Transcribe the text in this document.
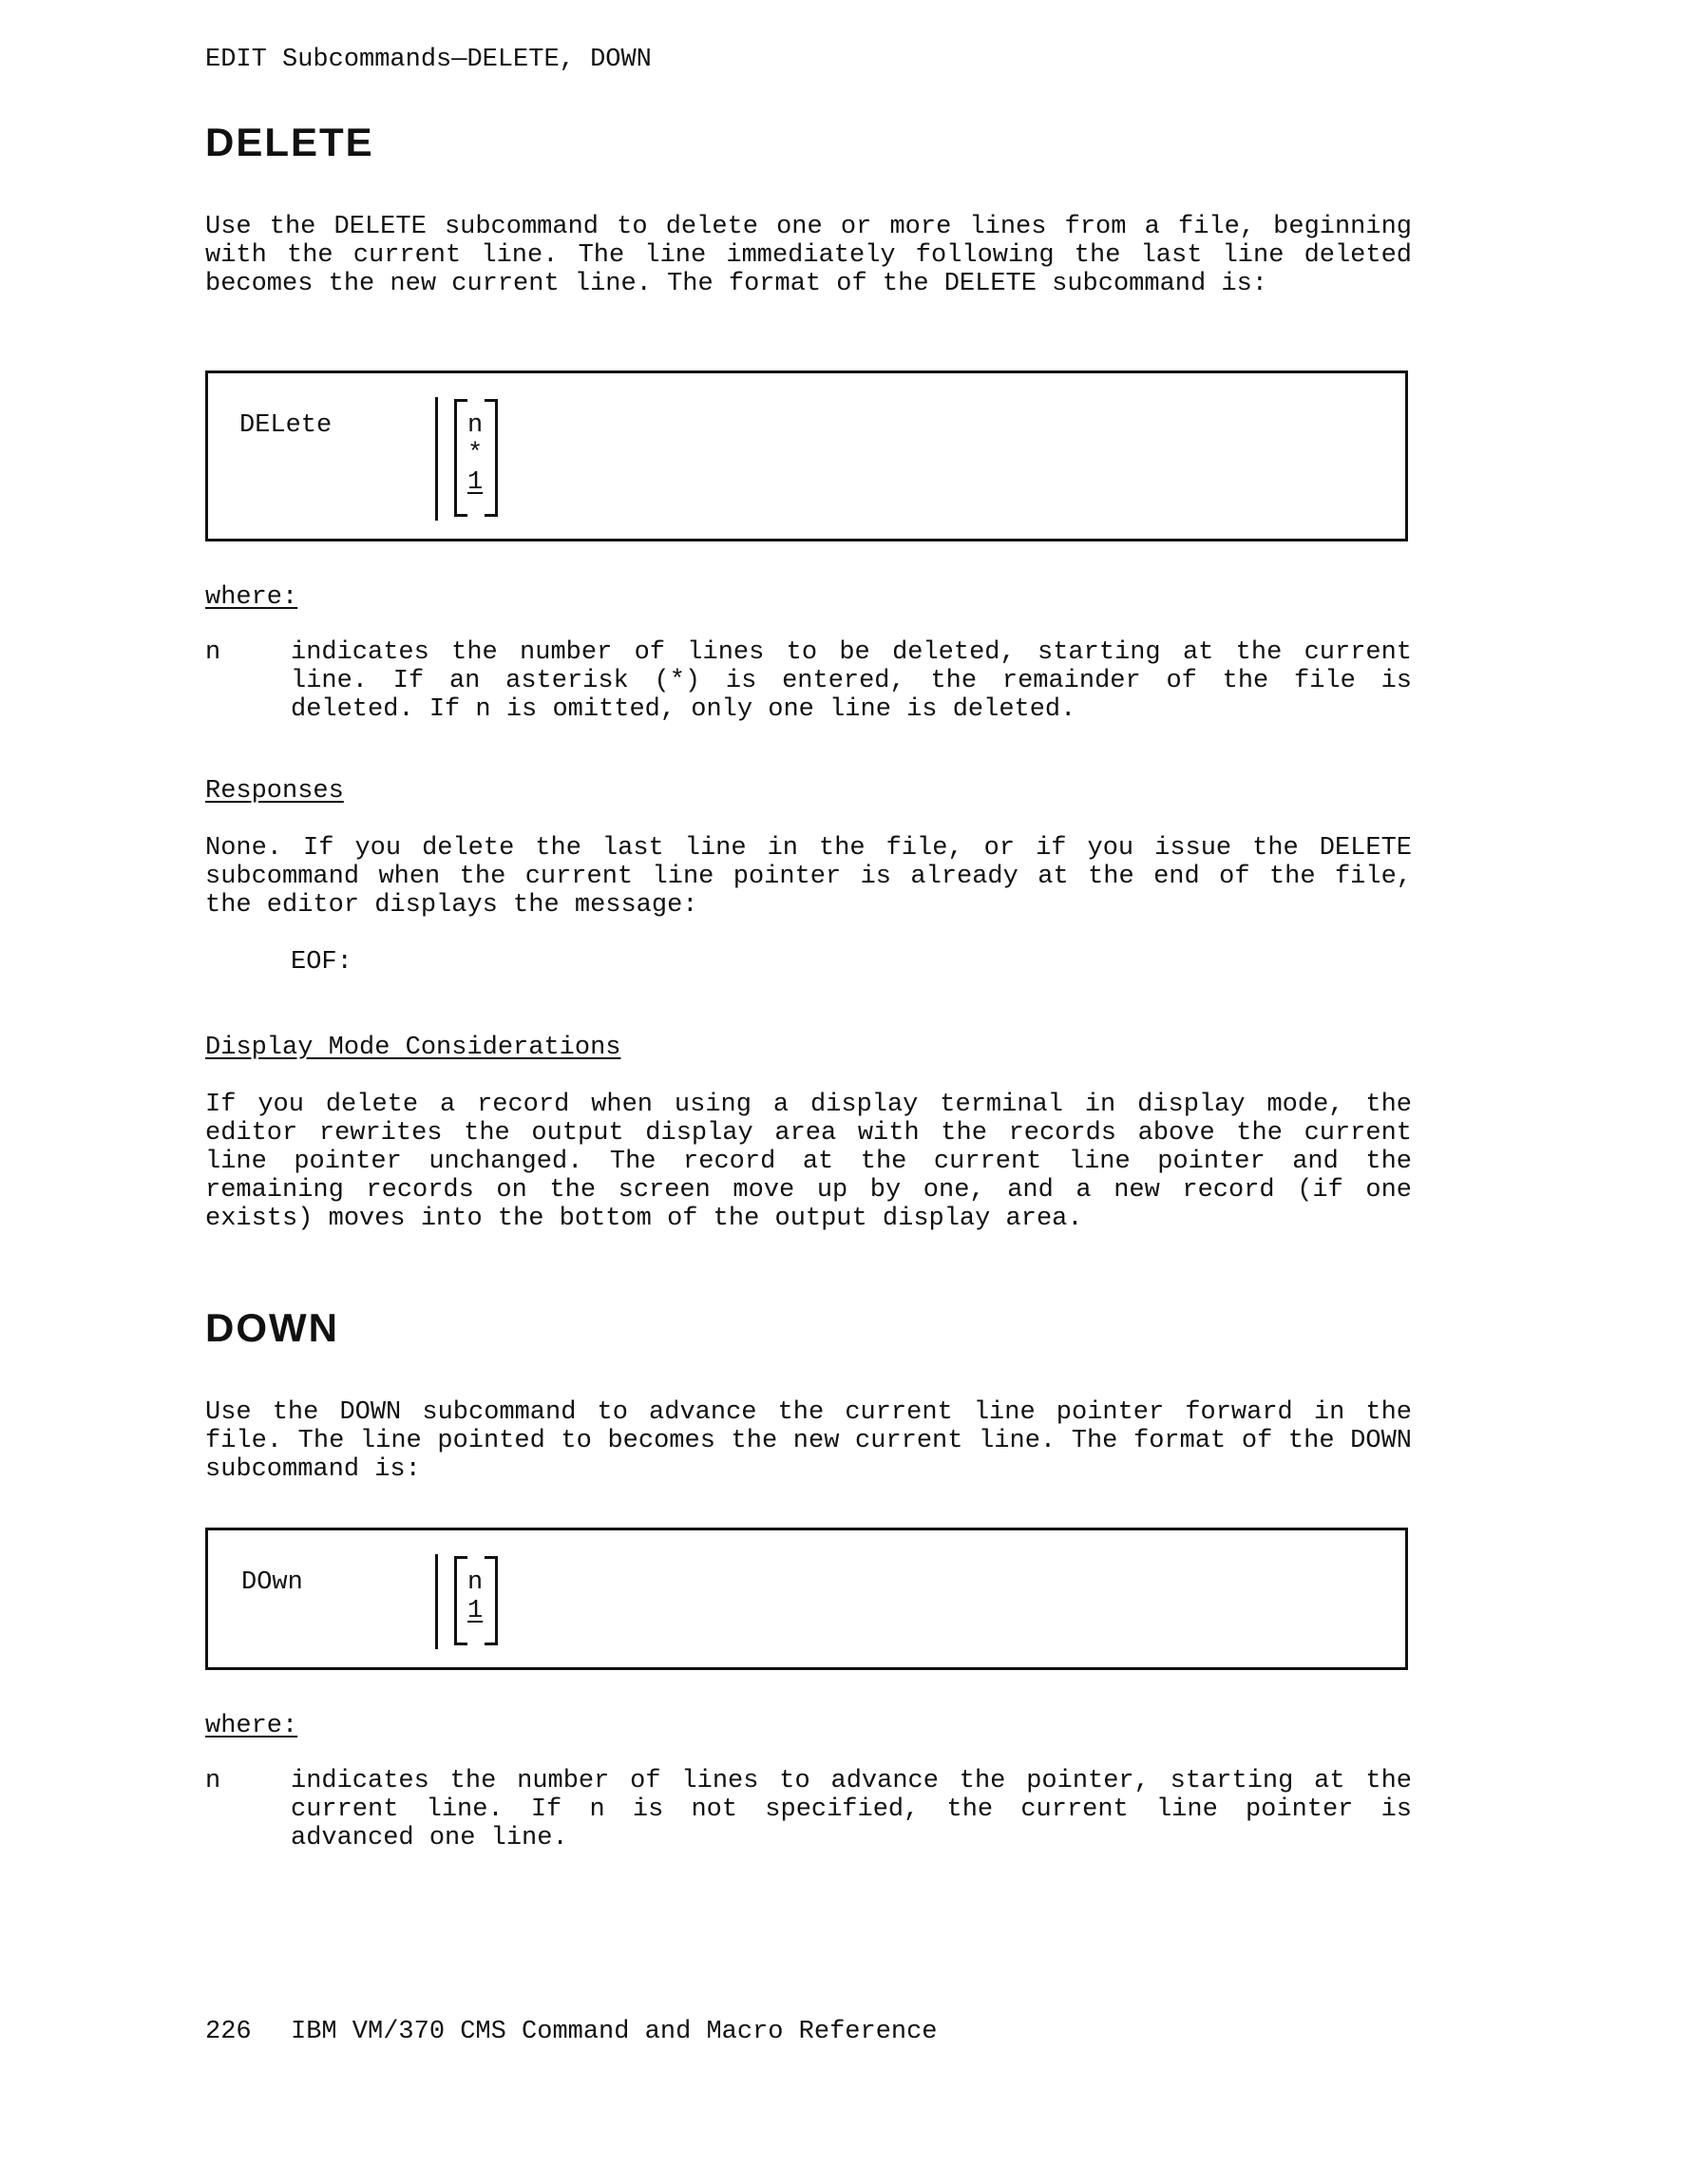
EDIT Subcommands—DELETE, DOWN
DELETE
Use the DELETE subcommand to delete one or more lines from a file, beginning with the current line. The line immediately following the last line deleted becomes the new current line. The format of the DELETE subcommand is:
DELete	n
*
1
where:
n	indicates the number of lines to be deleted, starting at the current line. If an asterisk (*) is entered, the remainder of the file is deleted. If n is omitted, only one line is deleted.
Responses
None. If you delete the last line in the file, or if you issue the DELETE subcommand when the current line pointer is already at the end of the file, the editor displays the message:
EOF:
Display Mode Considerations
If you delete a record when using a display terminal in display mode, the editor rewrites the output display area with the records above the current line pointer unchanged. The record at the current line pointer and the remaining records on the screen move up by one, and a new record (if one exists) moves into the bottom of the output display area.
DOWN
Use the DOWN subcommand to advance the current line pointer forward in the file. The line pointed to becomes the new current line. The format of the DOWN subcommand is:
DOwn	n
1
where:
n	indicates the number of lines to advance the pointer, starting at the current line. If n is not specified, the current line pointer is advanced one line.
226 IBM VM/370 CMS Command and Macro Reference
